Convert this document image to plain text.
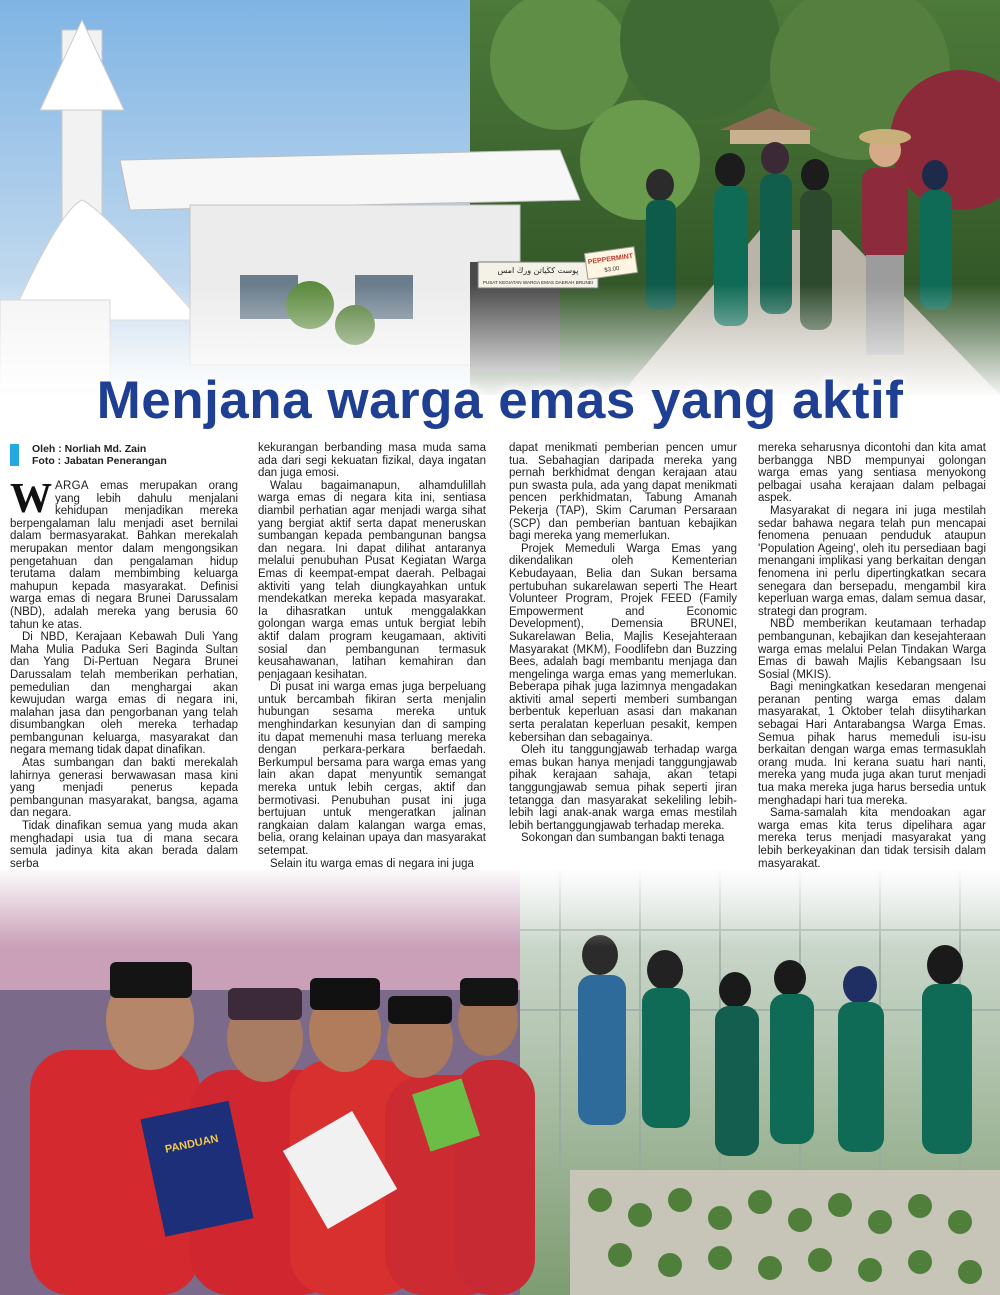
Menjana warga emas yang aktif
Oleh : Norliah Md. Zain
Foto : Jabatan Penerangan

WARGA emas merupakan orang yang lebih dahulu menjalani kehidupan menjadikan mereka berpengalaman lalu menjadi aset bernilai dalam bermasyarakat. Bahkan merekalah merupakan mentor dalam mengongsikan pengetahuan dan pengalaman hidup terutama dalam membimbing keluarga mahupun kepada masyarakat. Definisi warga emas di negara Brunei Darussalam (NBD), adalah mereka yang berusia 60 tahun ke atas.

Di NBD, Kerajaan Kebawah Duli Yang Maha Mulia Paduka Seri Baginda Sultan dan Yang Di-Pertuan Negara Brunei Darussalam telah memberikan perhatian, pemedulian dan menghargai akan kewujudan warga emas di negara ini, malahan jasa dan pengorbanan yang telah disumbangkan oleh mereka terhadap pembangunan keluarga, masyarakat dan negara memang tidak dapat dinafikan.

Atas sumbangan dan bakti merekalah lahirnya generasi berwawasan masa kini yang menjadi penerus kepada pembangunan masyarakat, bangsa, agama dan negara.

Tidak dinafikan semua yang muda akan menghadapi usia tua di mana secara semula jadinya kita akan berada dalam serba

kekurangan berbanding masa muda sama ada dari segi kekuatan fizikal, daya ingatan dan juga emosi.

Walau bagaimanapun, alhamdulillah warga emas di negara kita ini, sentiasa diambil perhatian agar menjadi warga sihat yang bergiat aktif serta dapat meneruskan sumbangan kepada pembangunan bangsa dan negara. Ini dapat dilihat antaranya melalui penubuhan Pusat Kegiatan Warga Emas di keempat-empat daerah. Pelbagai aktiviti yang telah diungkayahkan untuk mendekatkan mereka kepada masyarakat. Ia dihasratkan untuk menggalakkan golongan warga emas untuk bergiat lebih aktif dalam program keugamaan, aktiviti sosial dan pembangunan termasuk keusahawanan, latihan kemahiran dan penjagaan kesihatan.

Di pusat ini warga emas juga berpeluang untuk bercambah fikiran serta menjalin hubungan sesama mereka untuk menghindarkan kesunyian dan di samping itu dapat memenuhi masa terluang mereka dengan perkara-perkara berfaedah. Berkumpul bersama para warga emas yang lain akan dapat menyuntik semangat mereka untuk lebih cergas, aktif dan bermotivasi. Penubuhan pusat ini juga bertujuan untuk mengeratkan jalinan rangkaian dalam kalangan warga emas, belia, orang kelainan upaya dan masyarakat setempat.

Selain itu warga emas di negara ini juga

dapat menikmati pemberian pencen umur tua. Sebahagian daripada mereka yang pernah berkhidmat dengan kerajaan atau pun swasta pula, ada yang dapat menikmati pencen perkhidmatan, Tabung Amanah Pekerja (TAP), Skim Caruman Persaraan (SCP) dan pemberian bantuan kebajikan bagi mereka yang memerlukan.

Projek Memeduli Warga Emas yang dikendalikan oleh Kementerian Kebudayaan, Belia dan Sukan bersama pertubuhan sukarelawan seperti The Heart Volunteer Program, Projek FEED (Family Empowerment and Economic Development), Demensia BRUNEI, Sukarelawan Belia, Majlis Kesejahteraan Masyarakat (MKM), Foodlifebn dan Buzzing Bees, adalah bagi membantu menjaga dan mengelinga warga emas yang memerlukan. Beberapa pihak juga lazimnya mengadakan aktiviti amal seperti memberi sumbangan berbentuk keperluan asasi dan makanan serta peralatan keperluan pesakit, kempen kebersihan dan sebagainya.

Oleh itu tanggungjawab terhadap warga emas bukan hanya menjadi tanggungjawab pihak kerajaan sahaja, akan tetapi tanggungjawab semua pihak seperti jiran tetangga dan masyarakat sekeliling lebih-lebih lagi anak-anak warga emas mestilah lebih bertanggungjawab terhadap mereka.

Sokongan dan sumbangan bakti tenaga

mereka seharusnya dicontohi dan kita amat berbangga NBD mempunyai golongan warga emas yang sentiasa menyokong pelbagai usaha kerajaan dalam pelbagai aspek.

Masyarakat di negara ini juga mestilah sedar bahawa negara telah pun mencapai fenomena penuaan penduduk ataupun 'Population Ageing', oleh itu persediaan bagi menangani implikasi yang berkaitan dengan fenomena ini perlu dipertingkatkan secara senegara dan bersepadu, mengambil kira keperluan warga emas, dalam semua dasar, strategi dan program.

NBD memberikan keutamaan terhadap pembangunan, kebajikan dan kesejahteraan warga emas melalui Pelan Tindakan Warga Emas di bawah Majlis Kebangsaan Isu Sosial (MKIS).

Bagi meningkatkan kesedaran mengenai peranan penting warga emas dalam masyarakat, 1 Oktober telah diisytiharkan sebagai Hari Antarabangsa Warga Emas. Semua pihak harus memeduli isu-isu berkaitan dengan warga emas termasuklah orang muda. Ini kerana suatu hari nanti, mereka yang muda juga akan turut menjadi tua maka mereka juga harus bersedia untuk menghadapi hari tua mereka.

Sama-samalah kita mendoakan agar warga emas kita terus dipelihara agar mereka terus menjadi masyarakat yang lebih berkeyakinan dan tidak tersisih dalam masyarakat.
